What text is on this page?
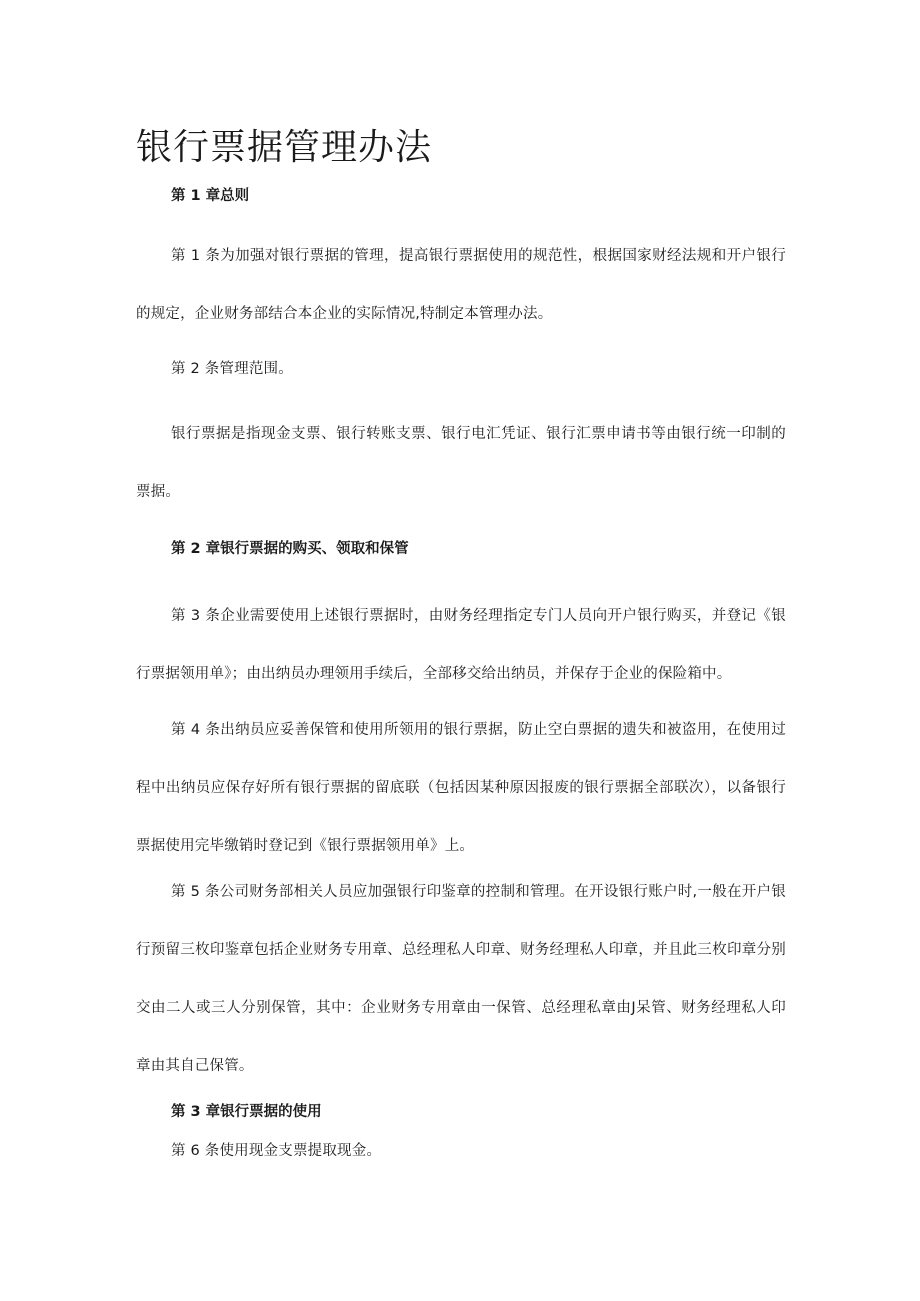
银行票据管理办法
第 1 章总则

第 1 条为加强对银行票据的管理，提高银行票据使用的规范性，根据国家财经法规和开户银行的规定，企业财务部结合本企业的实际情况,特制定本管理办法。

第 2 条管理范围。

银行票据是指现金支票、银行转账支票、银行电汇凭证、银行汇票申请书等由银行统一印制的票据。

第 2 章银行票据的购买、领取和保管

第 3 条企业需要使用上述银行票据时，由财务经理指定专门人员向开户银行购买，并登记《银行票据领用单》；由出纳员办理领用手续后，全部移交给出纳员，并保存于企业的保险箱中。

第 4 条出纳员应妥善保管和使用所领用的银行票据，防止空白票据的遗失和被盗用，在使用过程中出纳员应保存好所有银行票据的留底联（包括因某种原因报废的银行票据全部联次），以备银行票据使用完毕缴销时登记到《银行票据领用单》上。

第 5 条公司财务部相关人员应加强银行印鉴章的控制和管理。在开设银行账户时,一般在开户银行预留三枚印鉴章包括企业财务专用章、总经理私人印章、财务经理私人印章，并且此三枚印章分别交由二人或三人分别保管，其中：企业财务专用章由一保管、总经理私章由J呆管、财务经理私人印章由其自己保管。

第 3 章银行票据的使用

第 6 条使用现金支票提取现金。
